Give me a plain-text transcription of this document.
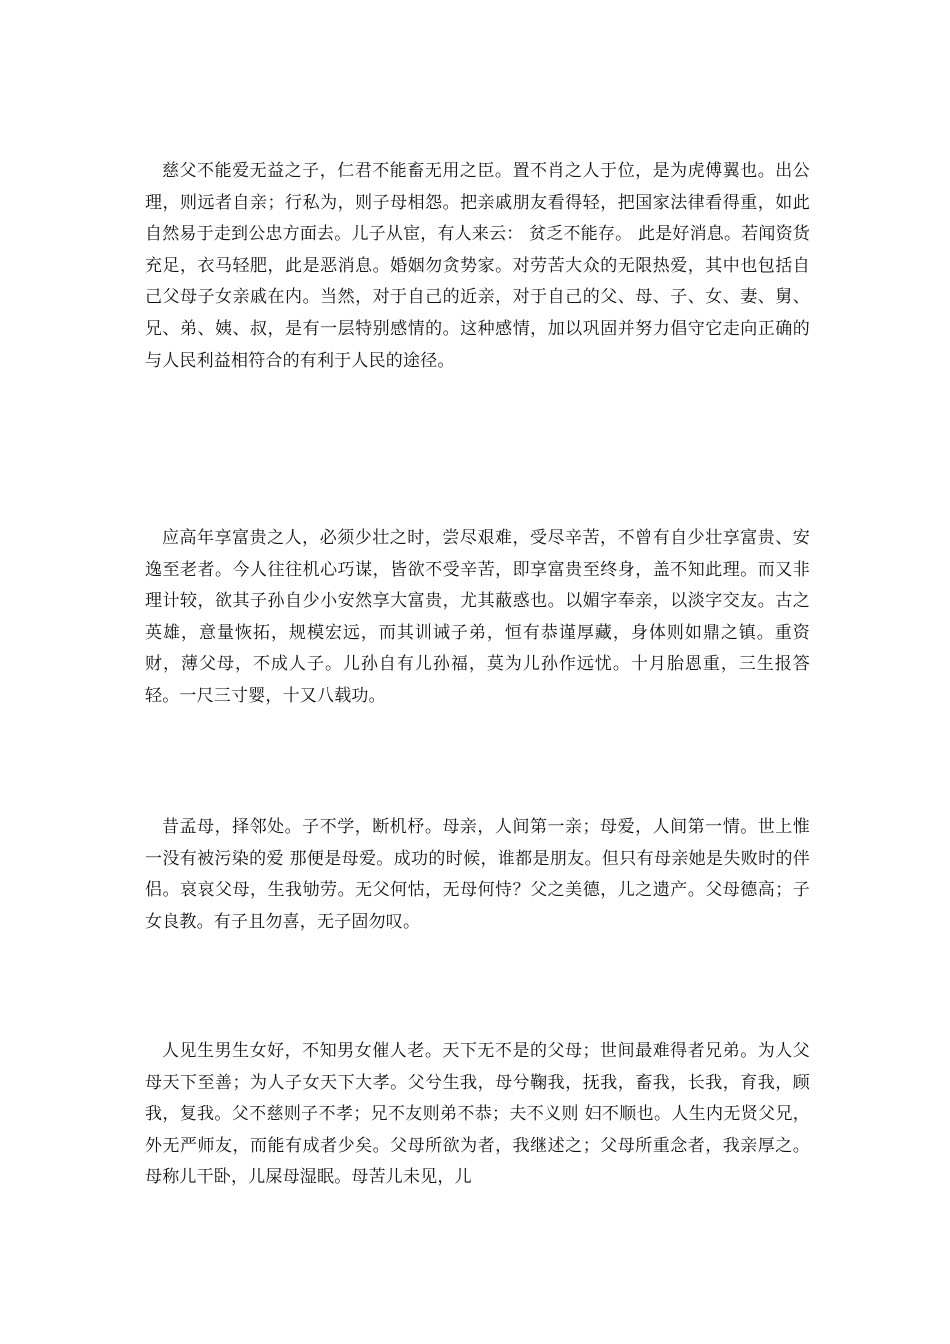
慈父不能爱无益之子，仁君不能畜无用之臣。置不肖之人于位，是为虎傅翼也。出公理，则远者自亲；行私为，则子母相怨。把亲戚朋友看得轻，把国家法律看得重，如此自然易于走到公忠方面去。儿子从宦，有人来云： 贫乏不能存。 此是好消息。若闻资货充足，衣马轻肥，此是恶消息。婚姻勿贪势家。对劳苦大众的无限热爱，其中也包括自己父母子女亲戚在内。当然，对于自己的近亲，对于自己的父、母、子、女、妻、舅、兄、弟、姨、叔，是有一层特别感情的。这种感情，加以巩固并努力倡守它走向正确的与人民利益相符合的有利于人民的途径。

应高年享富贵之人，必须少壮之时，尝尽艰难，受尽辛苦，不曾有自少壮享富贵、安逸至老者。今人往往机心巧谋，皆欲不受辛苦，即享富贵至终身，盖不知此理。而又非理计较，欲其子孙自少小安然享大富贵，尤其蔽惑也。以媚字奉亲，以淡字交友。古之英雄，意量恢拓，规模宏远，而其训诫子弟，恒有恭谨厚藏，身体则如鼎之镇。重资财，薄父母，不成人子。儿孙自有儿孙福，莫为儿孙作远忧。十月胎恩重，三生报答轻。一尺三寸婴，十又八载功。

昔孟母，择邻处。子不学，断机杼。母亲，人间第一亲；母爱，人间第一情。世上惟一没有被污染的爱 那便是母爱。成功的时候，谁都是朋友。但只有母亲她是失败时的伴侣。哀哀父母，生我劬劳。无父何怙，无母何恃？父之美德，儿之遗产。父母德高；子女良教。有子且勿喜，无子固勿叹。

人见生男生女好，不知男女催人老。天下无不是的父母；世间最难得者兄弟。为人父母天下至善；为人子女天下大孝。父兮生我，母兮鞠我，抚我，畜我，长我，育我，顾我，复我。父不慈则子不孝；兄不友则弟不恭；夫不义则 妇不顺也。人生内无贤父兄，外无严师友，而能有成者少矣。父母所欲为者，我继述之；父母所重念者，我亲厚之。母称儿干卧，儿屎母湿眠。母苦儿未见，儿
